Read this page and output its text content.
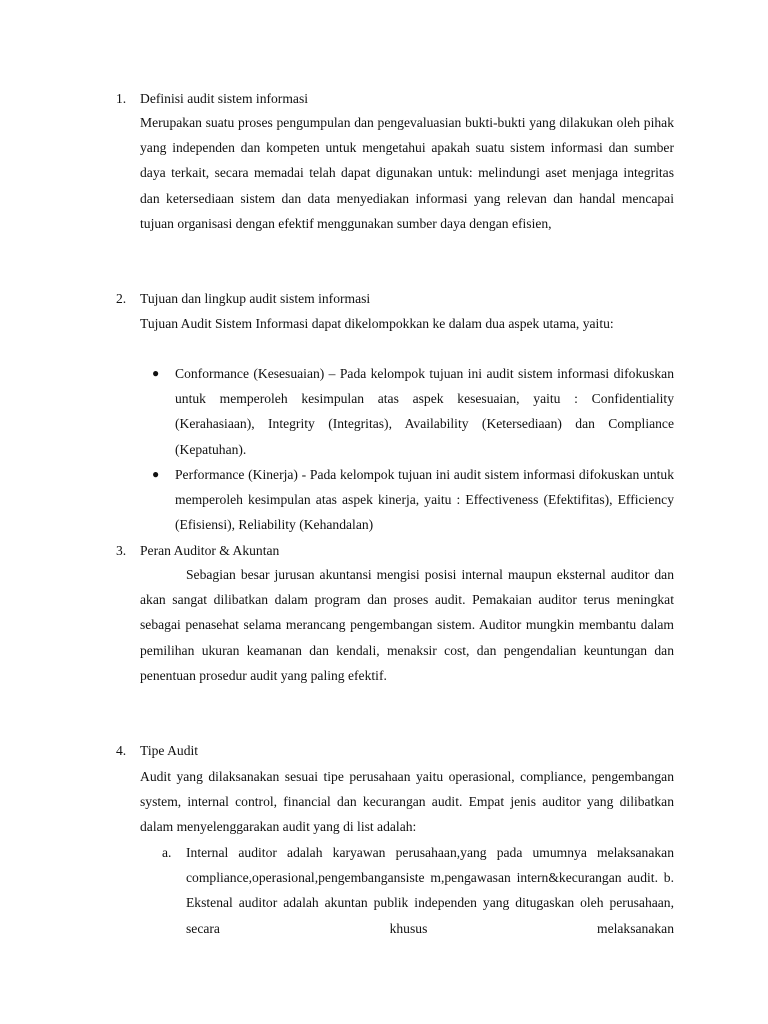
1. Definisi audit sistem informasi
Merupakan suatu proses pengumpulan dan pengevaluasian bukti-bukti yang dilakukan oleh pihak yang independen dan kompeten untuk mengetahui apakah suatu sistem informasi dan sumber daya terkait, secara memadai telah dapat digunakan untuk: melindungi aset menjaga integritas dan ketersediaan sistem dan data menyediakan informasi yang relevan dan handal mencapai tujuan organisasi dengan efektif menggunakan sumber daya dengan efisien,
2. Tujuan dan lingkup audit sistem informasi
Tujuan Audit Sistem Informasi dapat dikelompokkan ke dalam dua aspek utama, yaitu:
● Conformance (Kesesuaian) – Pada kelompok tujuan ini audit sistem informasi difokuskan untuk memperoleh kesimpulan atas aspek kesesuaian, yaitu : Confidentiality (Kerahasiaan), Integrity (Integritas), Availability (Ketersediaan) dan Compliance (Kepatuhan).
● Performance (Kinerja) - Pada kelompok tujuan ini audit sistem informasi difokuskan untuk memperoleh kesimpulan atas aspek kinerja, yaitu : Effectiveness (Efektifitas), Efficiency (Efisiensi), Reliability (Kehandalan)
3. Peran Auditor & Akuntan
Sebagian besar jurusan akuntansi mengisi posisi internal maupun eksternal auditor dan akan sangat dilibatkan dalam program dan proses audit. Pemakaian auditor terus meningkat sebagai penasehat selama merancang pengembangan sistem. Auditor mungkin membantu dalam pemilihan ukuran keamanan dan kendali, menaksir cost, dan pengendalian keuntungan dan penentuan prosedur audit yang paling efektif.
4. Tipe Audit
Audit yang dilaksanakan sesuai tipe perusahaan yaitu operasional, compliance, pengembangan system, internal control, financial dan kecurangan audit. Empat jenis auditor yang dilibatkan dalam menyelenggarakan audit yang di list adalah:
a. Internal auditor adalah karyawan perusahaan,yang pada umumnya melaksanakan compliance,operasional,pengembangansiste m,pengawasan intern&kecurangan audit. b. Ekstenal auditor adalah akuntan publik independen yang ditugaskan oleh perusahaan, secara khusus melaksanakan
